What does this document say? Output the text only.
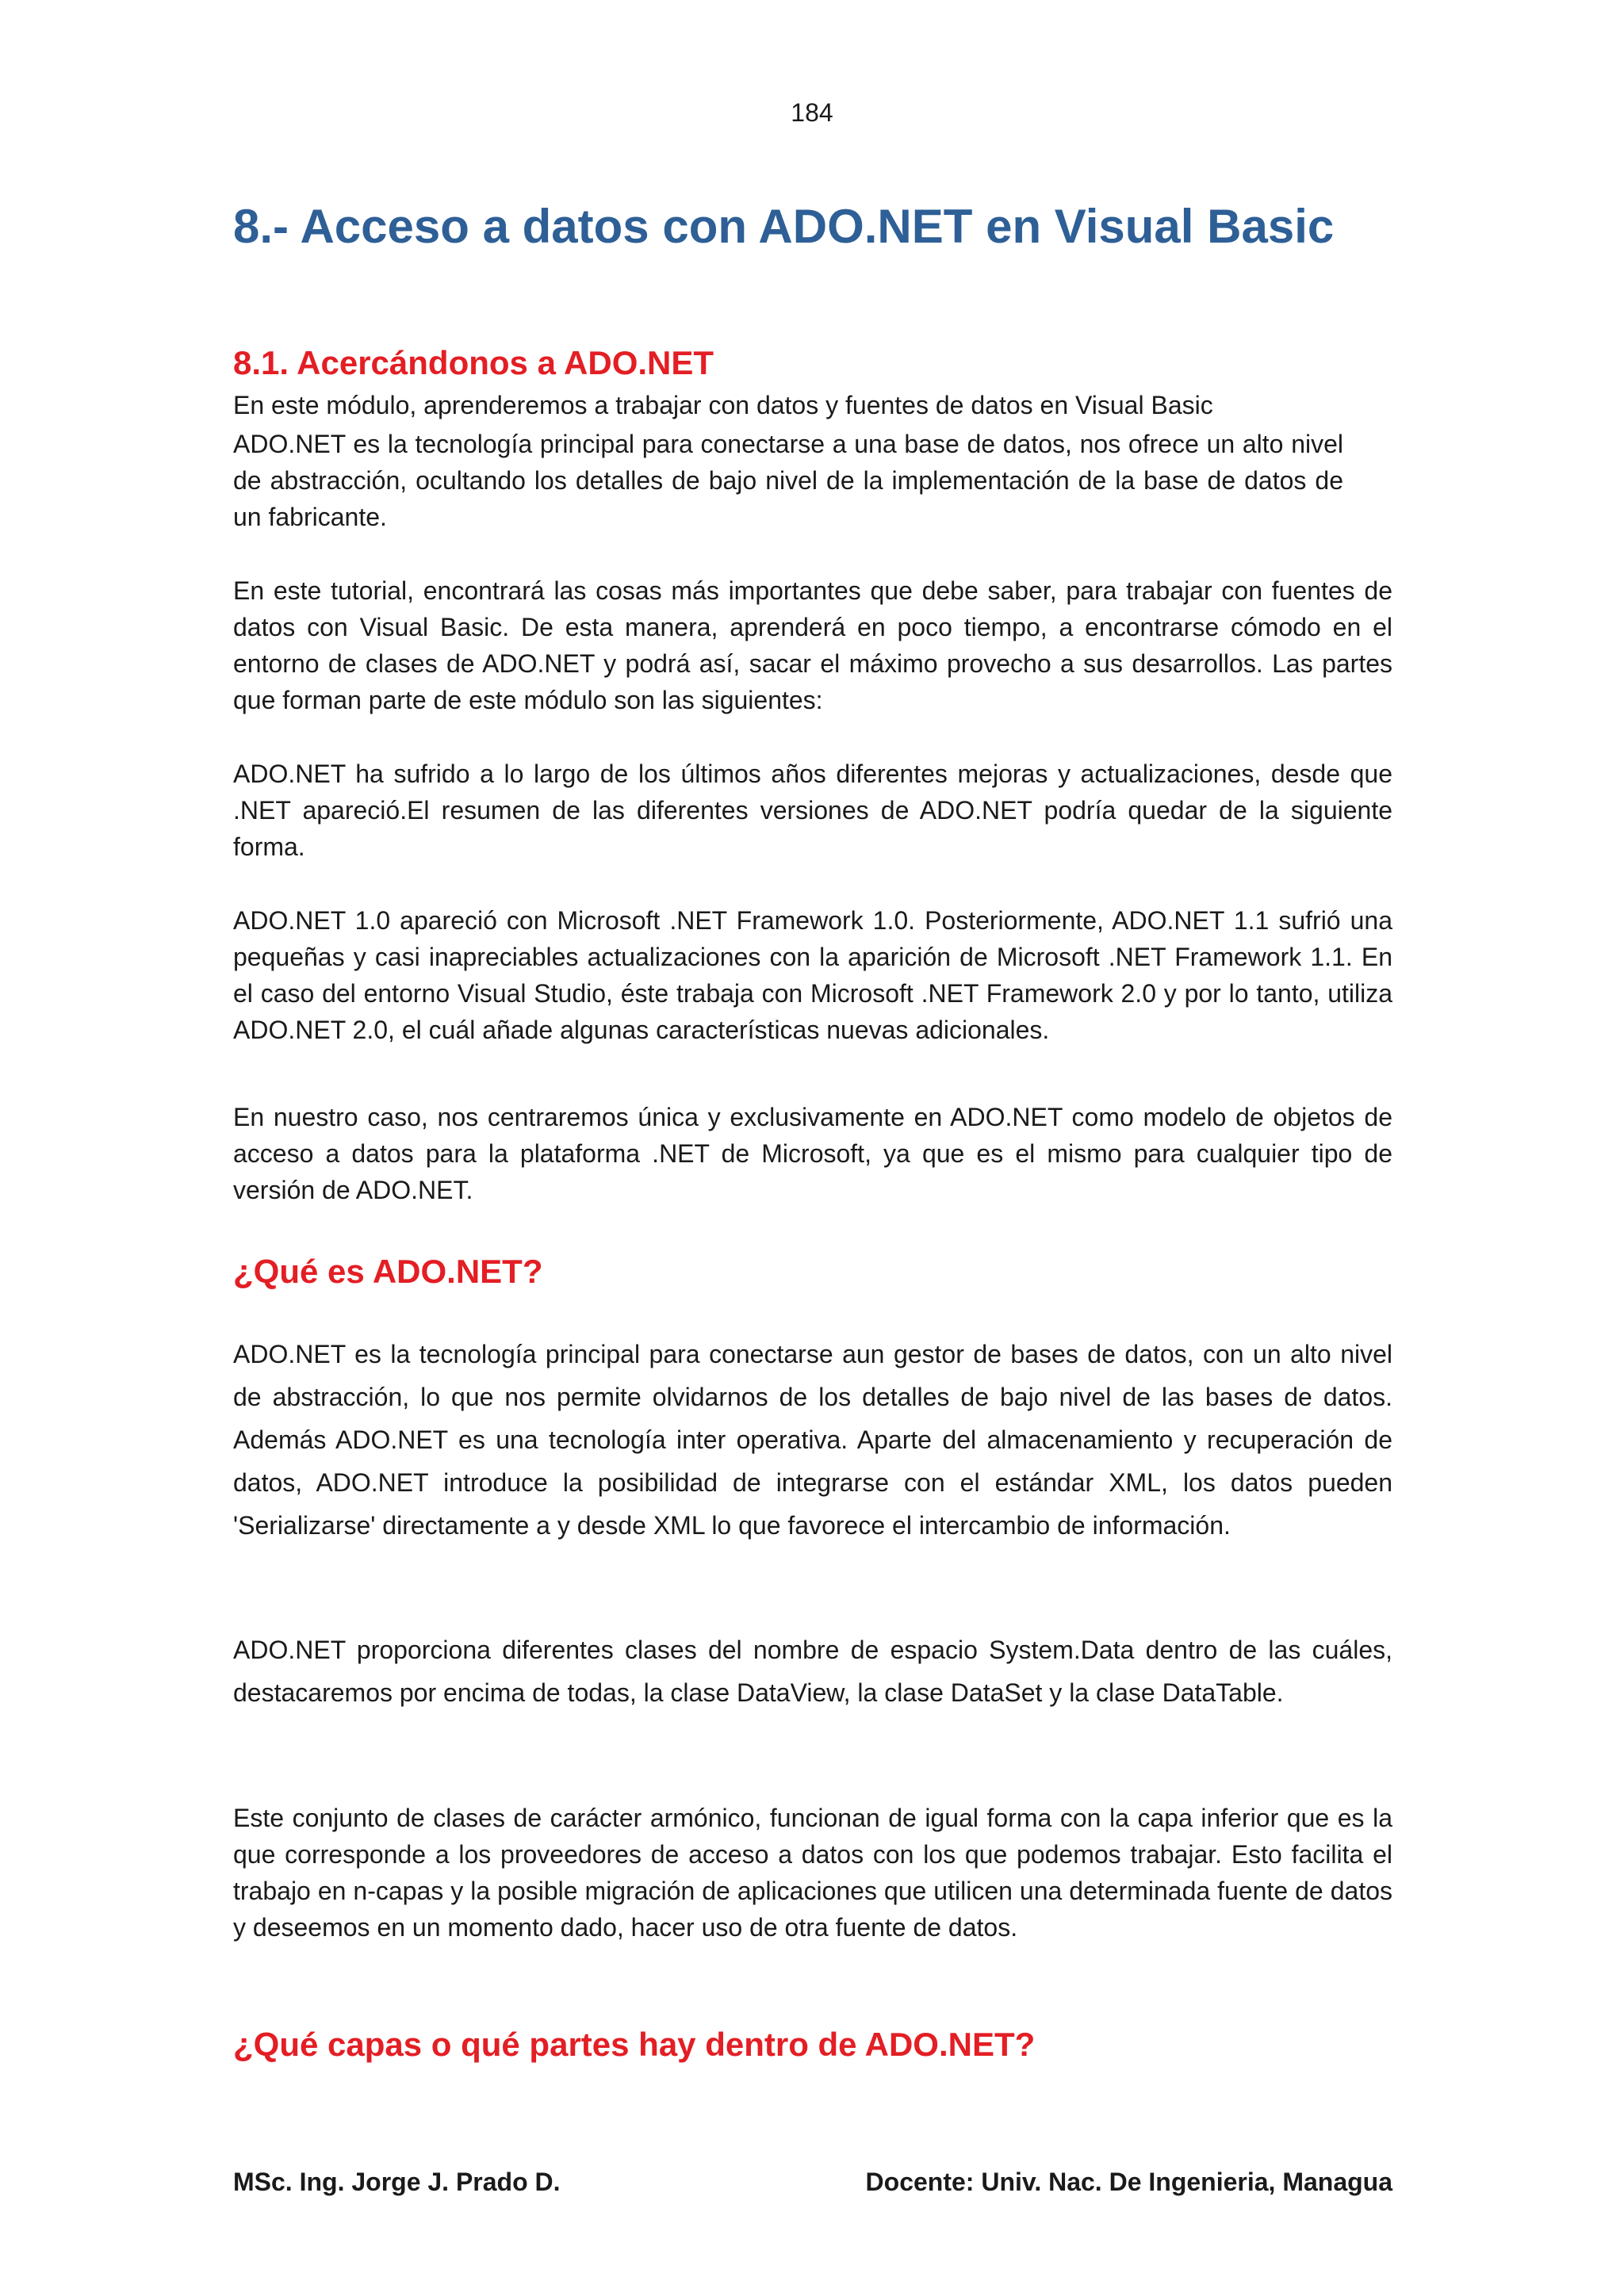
184
8.- Acceso a datos con ADO.NET en Visual Basic
8.1. Acercándonos a ADO.NET

En este módulo, aprenderemos a trabajar con datos y fuentes de datos en Visual Basic

ADO.NET es la tecnología principal para conectarse a una base de datos, nos ofrece un alto nivel de abstracción, ocultando los detalles de bajo nivel de la implementación de la base de datos de un fabricante.

En este tutorial, encontrará las cosas más importantes que debe saber, para trabajar con fuentes de datos con Visual Basic. De esta manera, aprenderá en poco tiempo, a encontrarse cómodo en el entorno de clases de ADO.NET y podrá así, sacar el máximo provecho a sus desarrollos. Las partes que forman parte de este módulo son las siguientes:

ADO.NET ha sufrido a lo largo de los últimos años diferentes mejoras y actualizaciones, desde que .NET apareció.El resumen de las diferentes versiones de ADO.NET podría quedar de la siguiente forma.

ADO.NET 1.0 apareció con Microsoft .NET Framework 1.0. Posteriormente, ADO.NET 1.1 sufrió una pequeñas y casi inapreciables actualizaciones con la aparición de Microsoft .NET Framework 1.1. En el caso del entorno Visual Studio, éste trabaja con Microsoft .NET Framework 2.0 y por lo tanto, utiliza ADO.NET 2.0, el cuál añade algunas características nuevas adicionales.

En nuestro caso, nos centraremos única y exclusivamente en ADO.NET como modelo de objetos de acceso a datos para la plataforma .NET de Microsoft, ya que es el mismo para cualquier tipo de versión de ADO.NET.

¿Qué es ADO.NET?

ADO.NET es la tecnología principal para conectarse aun gestor de bases de datos, con un alto nivel de abstracción, lo que nos permite olvidarnos de los detalles de bajo nivel de las bases de datos. Además ADO.NET es una tecnología inter operativa. Aparte del almacenamiento y recuperación de datos, ADO.NET introduce la posibilidad de integrarse con el estándar XML, los datos pueden 'Serializarse' directamente a y desde XML lo que favorece el intercambio de información.

ADO.NET proporciona diferentes clases del nombre de espacio System.Data dentro de las cuáles, destacaremos por encima de todas, la clase DataView, la clase DataSet y la clase DataTable.

Este conjunto de clases de carácter armónico, funcionan de igual forma con la capa inferior que es la que corresponde a los proveedores de acceso a datos con los que podemos trabajar. Esto facilita el trabajo en n-capas y la posible migración de aplicaciones que utilicen una determinada fuente de datos y deseemos en un momento dado, hacer uso de otra fuente de datos.

¿Qué capas o qué partes hay dentro de ADO.NET?
MSc. Ing. Jorge J. Prado D.	Docente: Univ. Nac. De Ingenieria, Managua
